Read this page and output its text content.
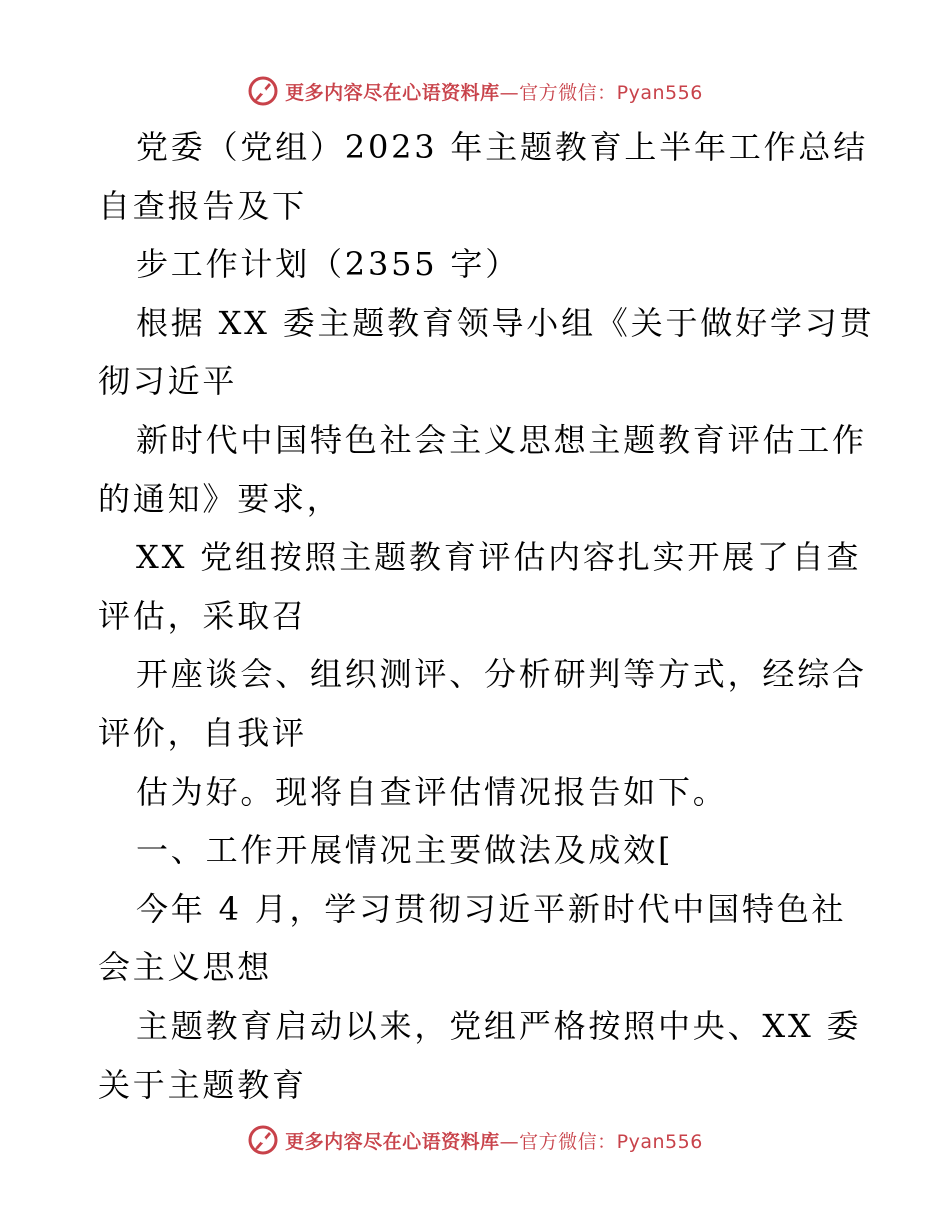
更多内容尽在心语资料库—官方微信：Pyan556
党委（党组）2023 年主题教育上半年工作总结
自查报告及下
步工作计划（2355 字）
根据 XX 委主题教育领导小组《关于做好学习贯
彻习近平
新时代中国特色社会主义思想主题教育评估工作
的通知》要求，
XX 党组按照主题教育评估内容扎实开展了自查
评估，采取召
开座谈会、组织测评、分析研判等方式，经综合
评价，自我评
估为好。现将自查评估情况报告如下。
一、工作开展情况主要做法及成效[
今年 4 月，学习贯彻习近平新时代中国特色社
会主义思想
主题教育启动以来，党组严格按照中央、XX 委
关于主题教育
更多内容尽在心语资料库—官方微信：Pyan556
